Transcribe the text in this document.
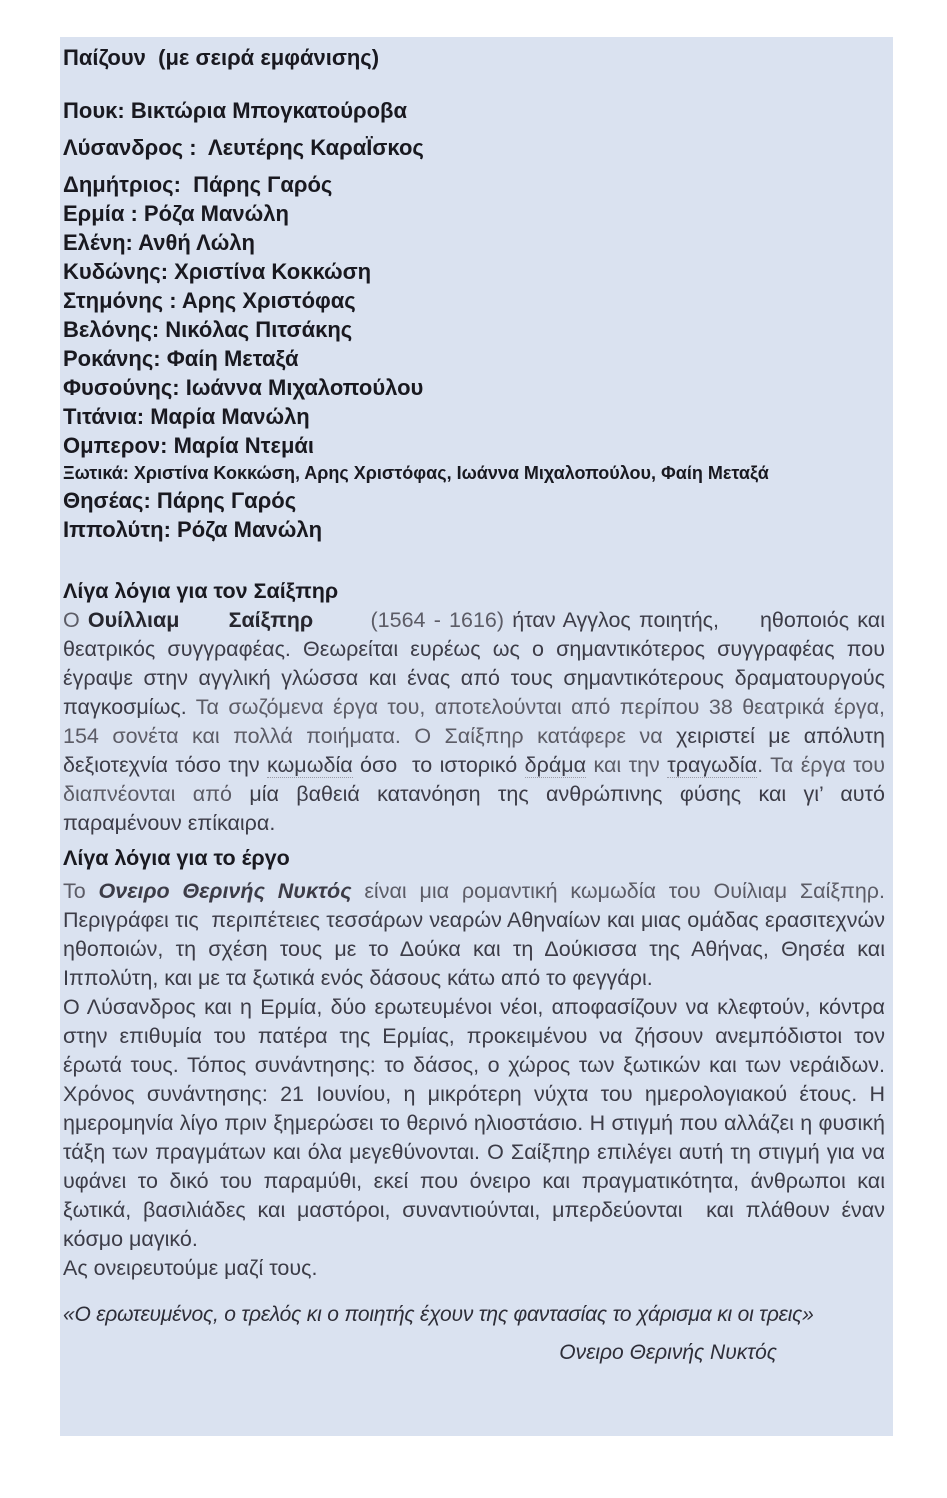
Παίζουν  (με σειρά εμφάνισης)
Πουκ: Βικτώρια Μπογκατούροβα
Λύσανδρος :  Λευτέρης ΚαραΪσκος
Δημήτριος:  Πάρης Γαρός
Ερμία : Ρόζα Μανώλη
Ελένη: Ανθή Λώλη
Κυδώνης: Χριστίνα Κοκκώση
Στημόνης : Αρης Χριστόφας
Βελόνης: Νικόλας Πιτσάκης
Ροκάνης: Φαίη Μεταξά
Φυσούνης: Ιωάννα Μιχαλοπούλου
Τιτάνια: Μαρία Μανώλη
Ομπερον: Μαρία Ντεμάι
Ξωτικά: Χριστίνα Κοκκώση, Αρης Χριστόφας, Ιωάννα Μιχαλοπούλου, Φαίη Μεταξά
Θησέας: Πάρης Γαρός
Ιππολύτη: Ρόζα Μανώλη
Λίγα λόγια για τον Σαίξπηρ

Ο Ουίλλιαμ      Σαίξπηρ       (1564 - 1616) ήταν Αγγλος ποιητής,     ηθοποιός και θεατρικός συγγραφέας. Θεωρείται ευρέως ως ο σημαντικότερος συγγραφέας που έγραψε στην αγγλική γλώσσα και ένας από τους σημαντικότερους δραματουργούς παγκοσμίως. Τα σωζόμενα έργα του, αποτελούνται από περίπου 38 θεατρικά έργα, 154 σονέτα και πολλά ποιήματα. Ο Σαίξπηρ κατάφερε να χειριστεί με απόλυτη δεξιοτεχνία τόσο την κωμωδία όσο  το ιστορικό δράμα και την τραγωδία. Τα έργα του διαπνέονται από μία βαθειά κατανόηση της ανθρώπινης φύσης και γι’ αυτό παραμένουν επίκαιρα.

Λίγα λόγια για το έργο

Το Ονειρο Θερινής Νυκτός είναι μια ρομαντική κωμωδία του Ουίλιαμ Σαίξπηρ. Περιγράφει τις  περιπέτειες τεσσάρων νεαρών Αθηναίων και μιας ομάδας ερασιτεχνών ηθοποιών, τη σχέση τους με το Δούκα και τη Δούκισσα της Αθήνας, Θησέα και Ιππολύτη, και με τα ξωτικά ενός δάσους κάτω από το φεγγάρι.

Ο Λύσανδρος και η Ερμία, δύο ερωτευμένοι νέοι, αποφασίζουν να κλεφτούν, κόντρα στην επιθυμία του πατέρα της Ερμίας, προκειμένου να ζήσουν ανεμπόδιστοι τον έρωτά τους. Τόπος συνάντησης: το δάσος, ο χώρος των ξωτικών και των νεράιδων. Χρόνος συνάντησης: 21 Ιουνίου, η μικρότερη νύχτα του ημερολογιακού έτους. Η ημερομηνία λίγο πριν ξημερώσει το θερινό ηλιοστάσιο. Η στιγμή που αλλάζει η φυσική τάξη των πραγμάτων και όλα μεγεθύνονται. Ο Σαίξπηρ επιλέγει αυτή τη στιγμή για να υφάνει το δικό του παραμύθι, εκεί που όνειρο και πραγματικότητα, άνθρωποι και ξωτικά, βασιλιάδες και μαστόροι, συναντιούνται, μπερδεύονται  και πλάθουν έναν κόσμο μαγικό.

Ας ονειρευτούμε μαζί τους.
«Ο ερωτευμένος, ο τρελός κι ο ποιητής έχουν της φαντασίας το χάρισμα κι οι τρεις»
Ονειρο Θερινής Νυκτός
